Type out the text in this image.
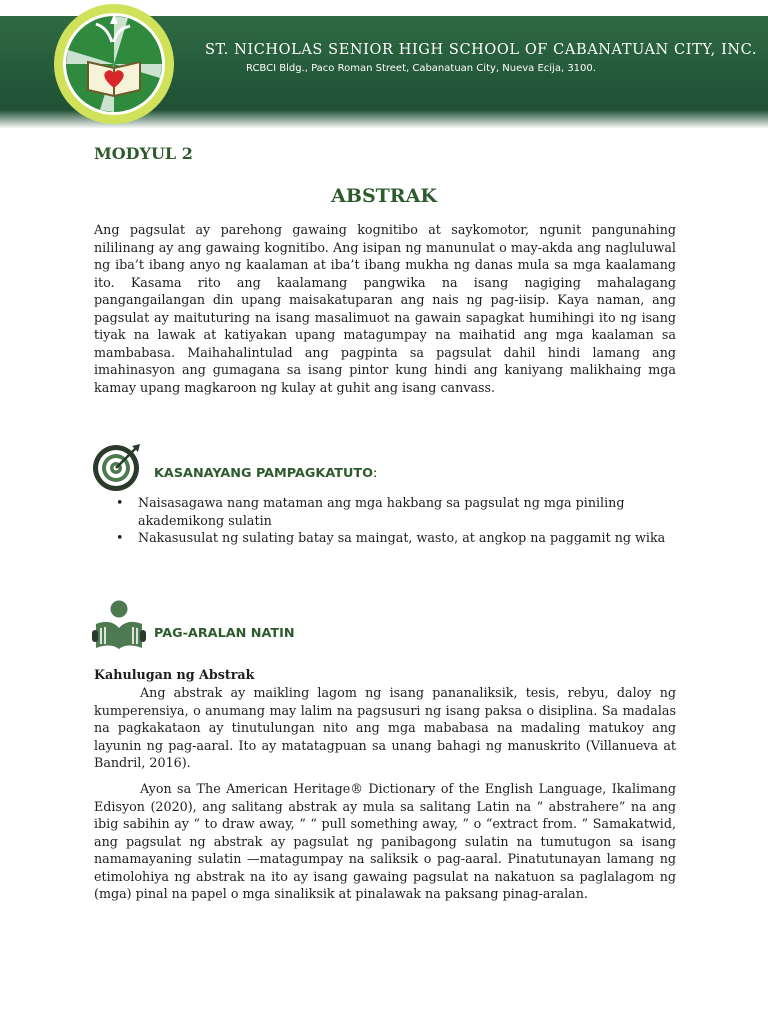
ST. NICHOLAS SENIOR HIGH SCHOOL OF CABANATUAN CITY, INC.
RCBCI Bldg., Paco Roman Street, Cabanatuan City, Nueva Ecija, 3100.
MODYUL 2
ABSTRAK

Ang pagsulat ay parehong gawaing kognitibo at saykomotor, ngunit pangunahing nililinang ay ang gawaing kognitibo. Ang isipan ng manunulat o may-akda ang nagluluwal ng iba’t ibang anyo ng kaalaman at iba’t ibang mukha ng danas mula sa mga kaalamang ito. Kasama rito ang kaalamang pangwika na isang nagiging mahalagang pangangailangan din upang maisakatuparan ang nais ng pag-iisip. Kaya naman, ang pagsulat ay maituturing na isang masalimuot na gawain sapagkat humihingi ito ng isang tiyak na lawak at katiyakan upang matagumpay na maihatid ang mga kaalaman sa mambabasa. Maihahalintulad ang pagpinta sa pagsulat dahil hindi lamang ang imahinasyon ang gumagana sa isang pintor kung hindi ang kaniyang malikhaing mga kamay upang magkaroon ng kulay at guhit ang isang canvass.

KASANAYANG PAMPAGKATUTO:
• Naisasagawa nang mataman ang mga hakbang sa pagsulat ng mga piniling akademikong sulatin
• Nakasusulat ng sulating batay sa maingat, wasto, at angkop na paggamit ng wika
PAG-ARALAN NATIN
Kahulugan ng Abstrak

Ang abstrak ay maikling lagom ng isang pananaliksik, tesis, rebyu, daloy ng kumperensiya, o anumang may lalim na pagsusuri ng isang paksa o disiplina. Sa madalas na pagkakataon ay tinutulungan nito ang mga mababasa na madaling matukoy ang layunin ng pag-aaral. Ito ay matatagpuan sa unang bahagi ng manuskrito (Villanueva at Bandril, 2016).

Ayon sa The American Heritage® Dictionary of the English Language, Ikalimang Edisyon (2020), ang salitang abstrak ay mula sa salitang Latin na “ abstrahere” na ang ibig sabihin ay “ to draw away, ” “ pull something away, ” o “extract from. ” Samakatwid, ang pagsulat ng abstrak ay pagsulat ng panibagong sulatin na tumutugon sa isang namamayaning sulatin —matagumpay na saliksik o pag-aaral. Pinatutunayan lamang ng etimolohiya ng abstrak na ito ay isang gawaing pagsulat na nakatuon sa paglalagom ng (mga) pinal na papel o mga sinaliksik at pinalawak na paksang pinag-aralan.
